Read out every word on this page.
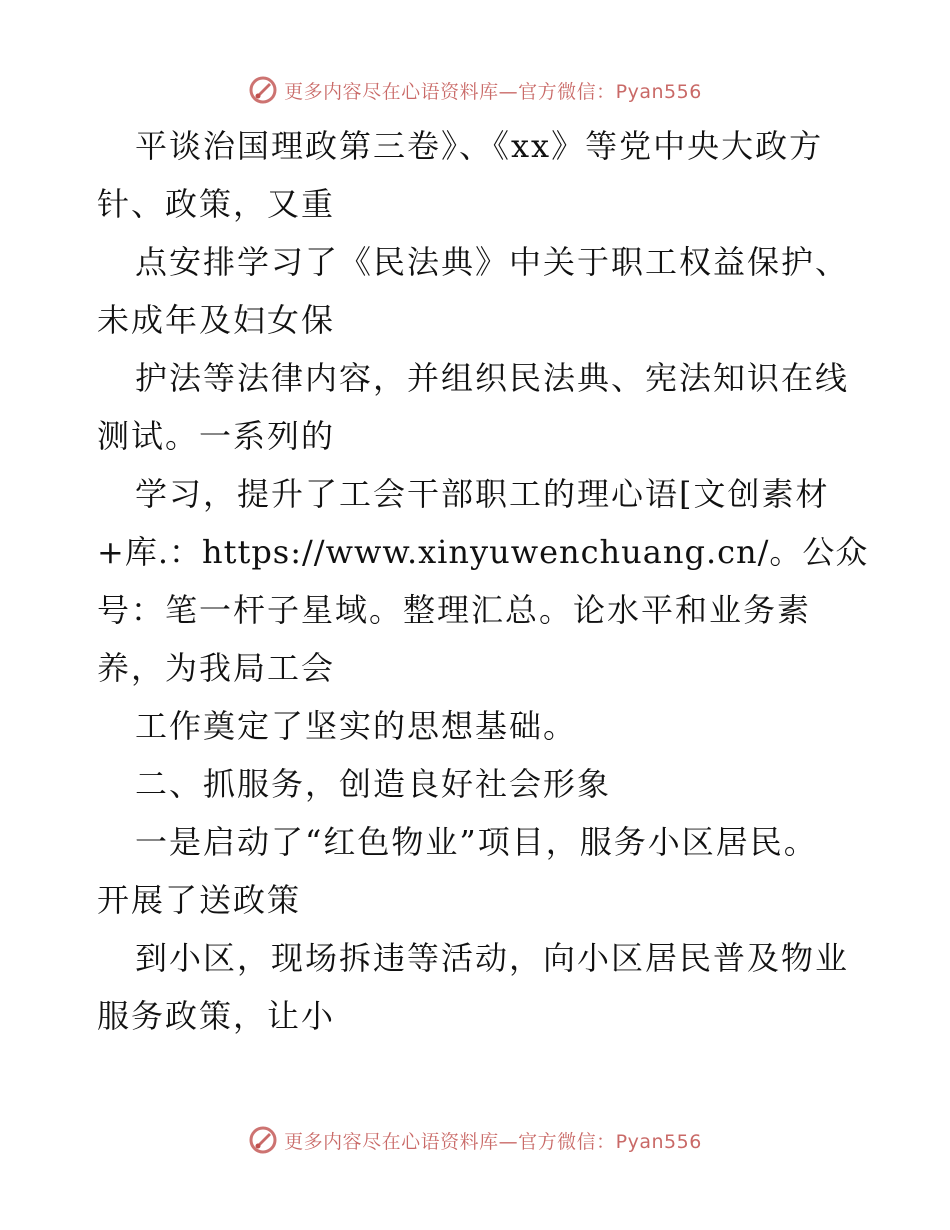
更多内容尽在心语资料库—官方微信：Pyan556
平谈治国理政第三卷》、《xx》等党中央大政方
针、政策，又重
点安排学习了《民法典》中关于职工权益保护、
未成年及妇女保
护法等法律内容，并组织民法典、宪法知识在线
测试。一系列的
学习，提升了工会干部职工的理心语[文创素材
+库.：https://www.xinyuwenchuang.cn/。公众
号：笔一杆子星域。整理汇总。论水平和业务素
养，为我局工会
工作奠定了坚实的思想基础。
二、抓服务，创造良好社会形象
一是启动了“红色物业”项目，服务小区居民。
开展了送政策
到小区，现场拆违等活动，向小区居民普及物业
服务政策，让小
更多内容尽在心语资料库—官方微信：Pyan556
